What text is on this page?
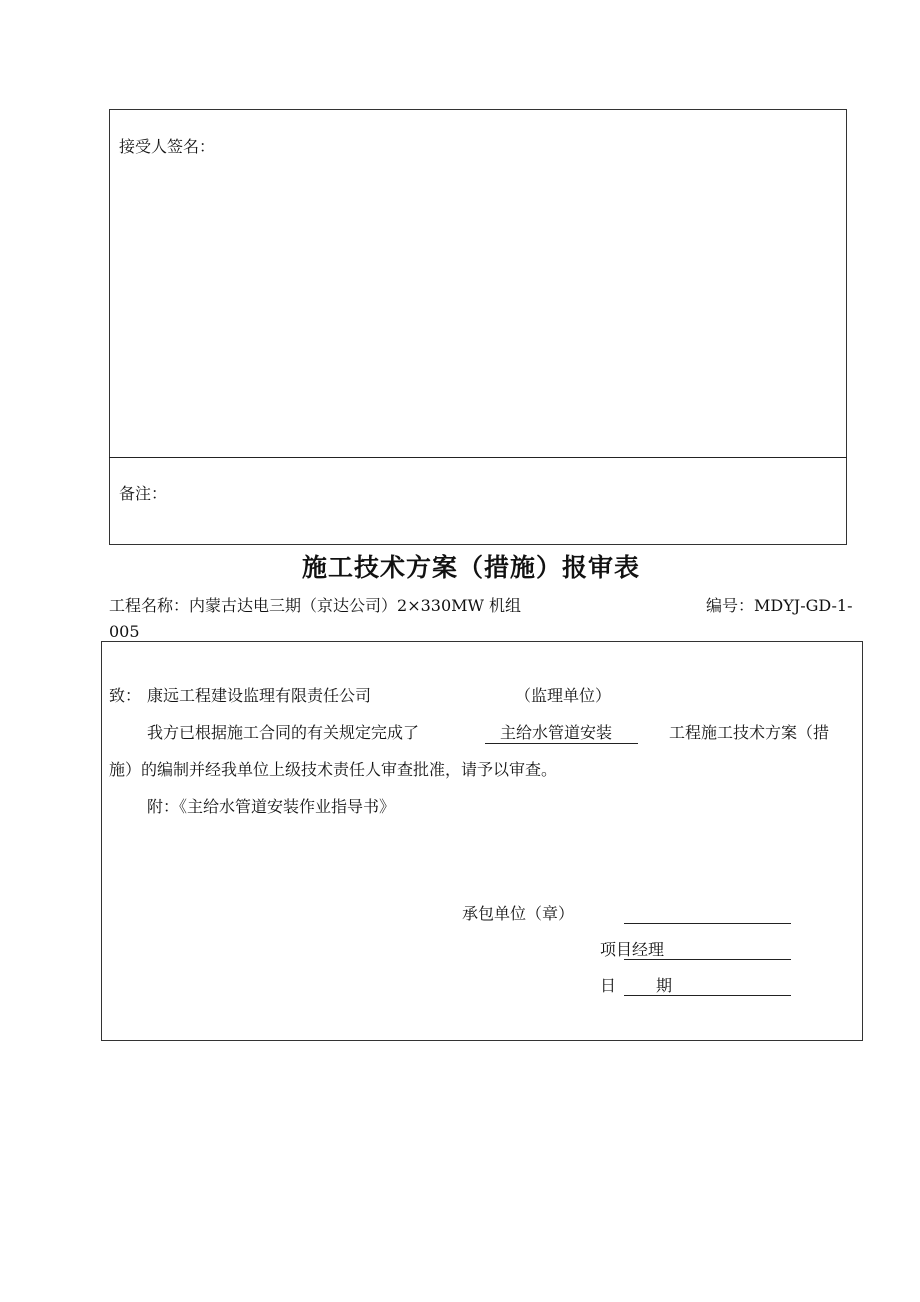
接受人签名：
备注：
施工技术方案（措施）报审表
工程名称：内蒙古达电三期（京达公司）2×330MW 机组	编号：MDYJ-GD-1-
005
致： 康远工程建设监理有限责任公司	（监理单位）
我方已根据施工合同的有关规定完成了	主给水管道安装	工程施工技术方案（措
施）的编制并经我单位上级技术责任人审查批准，请予以审查。
附：《主给水管道安装作业指导书》
承包单位（章）
项目经理
日 期
